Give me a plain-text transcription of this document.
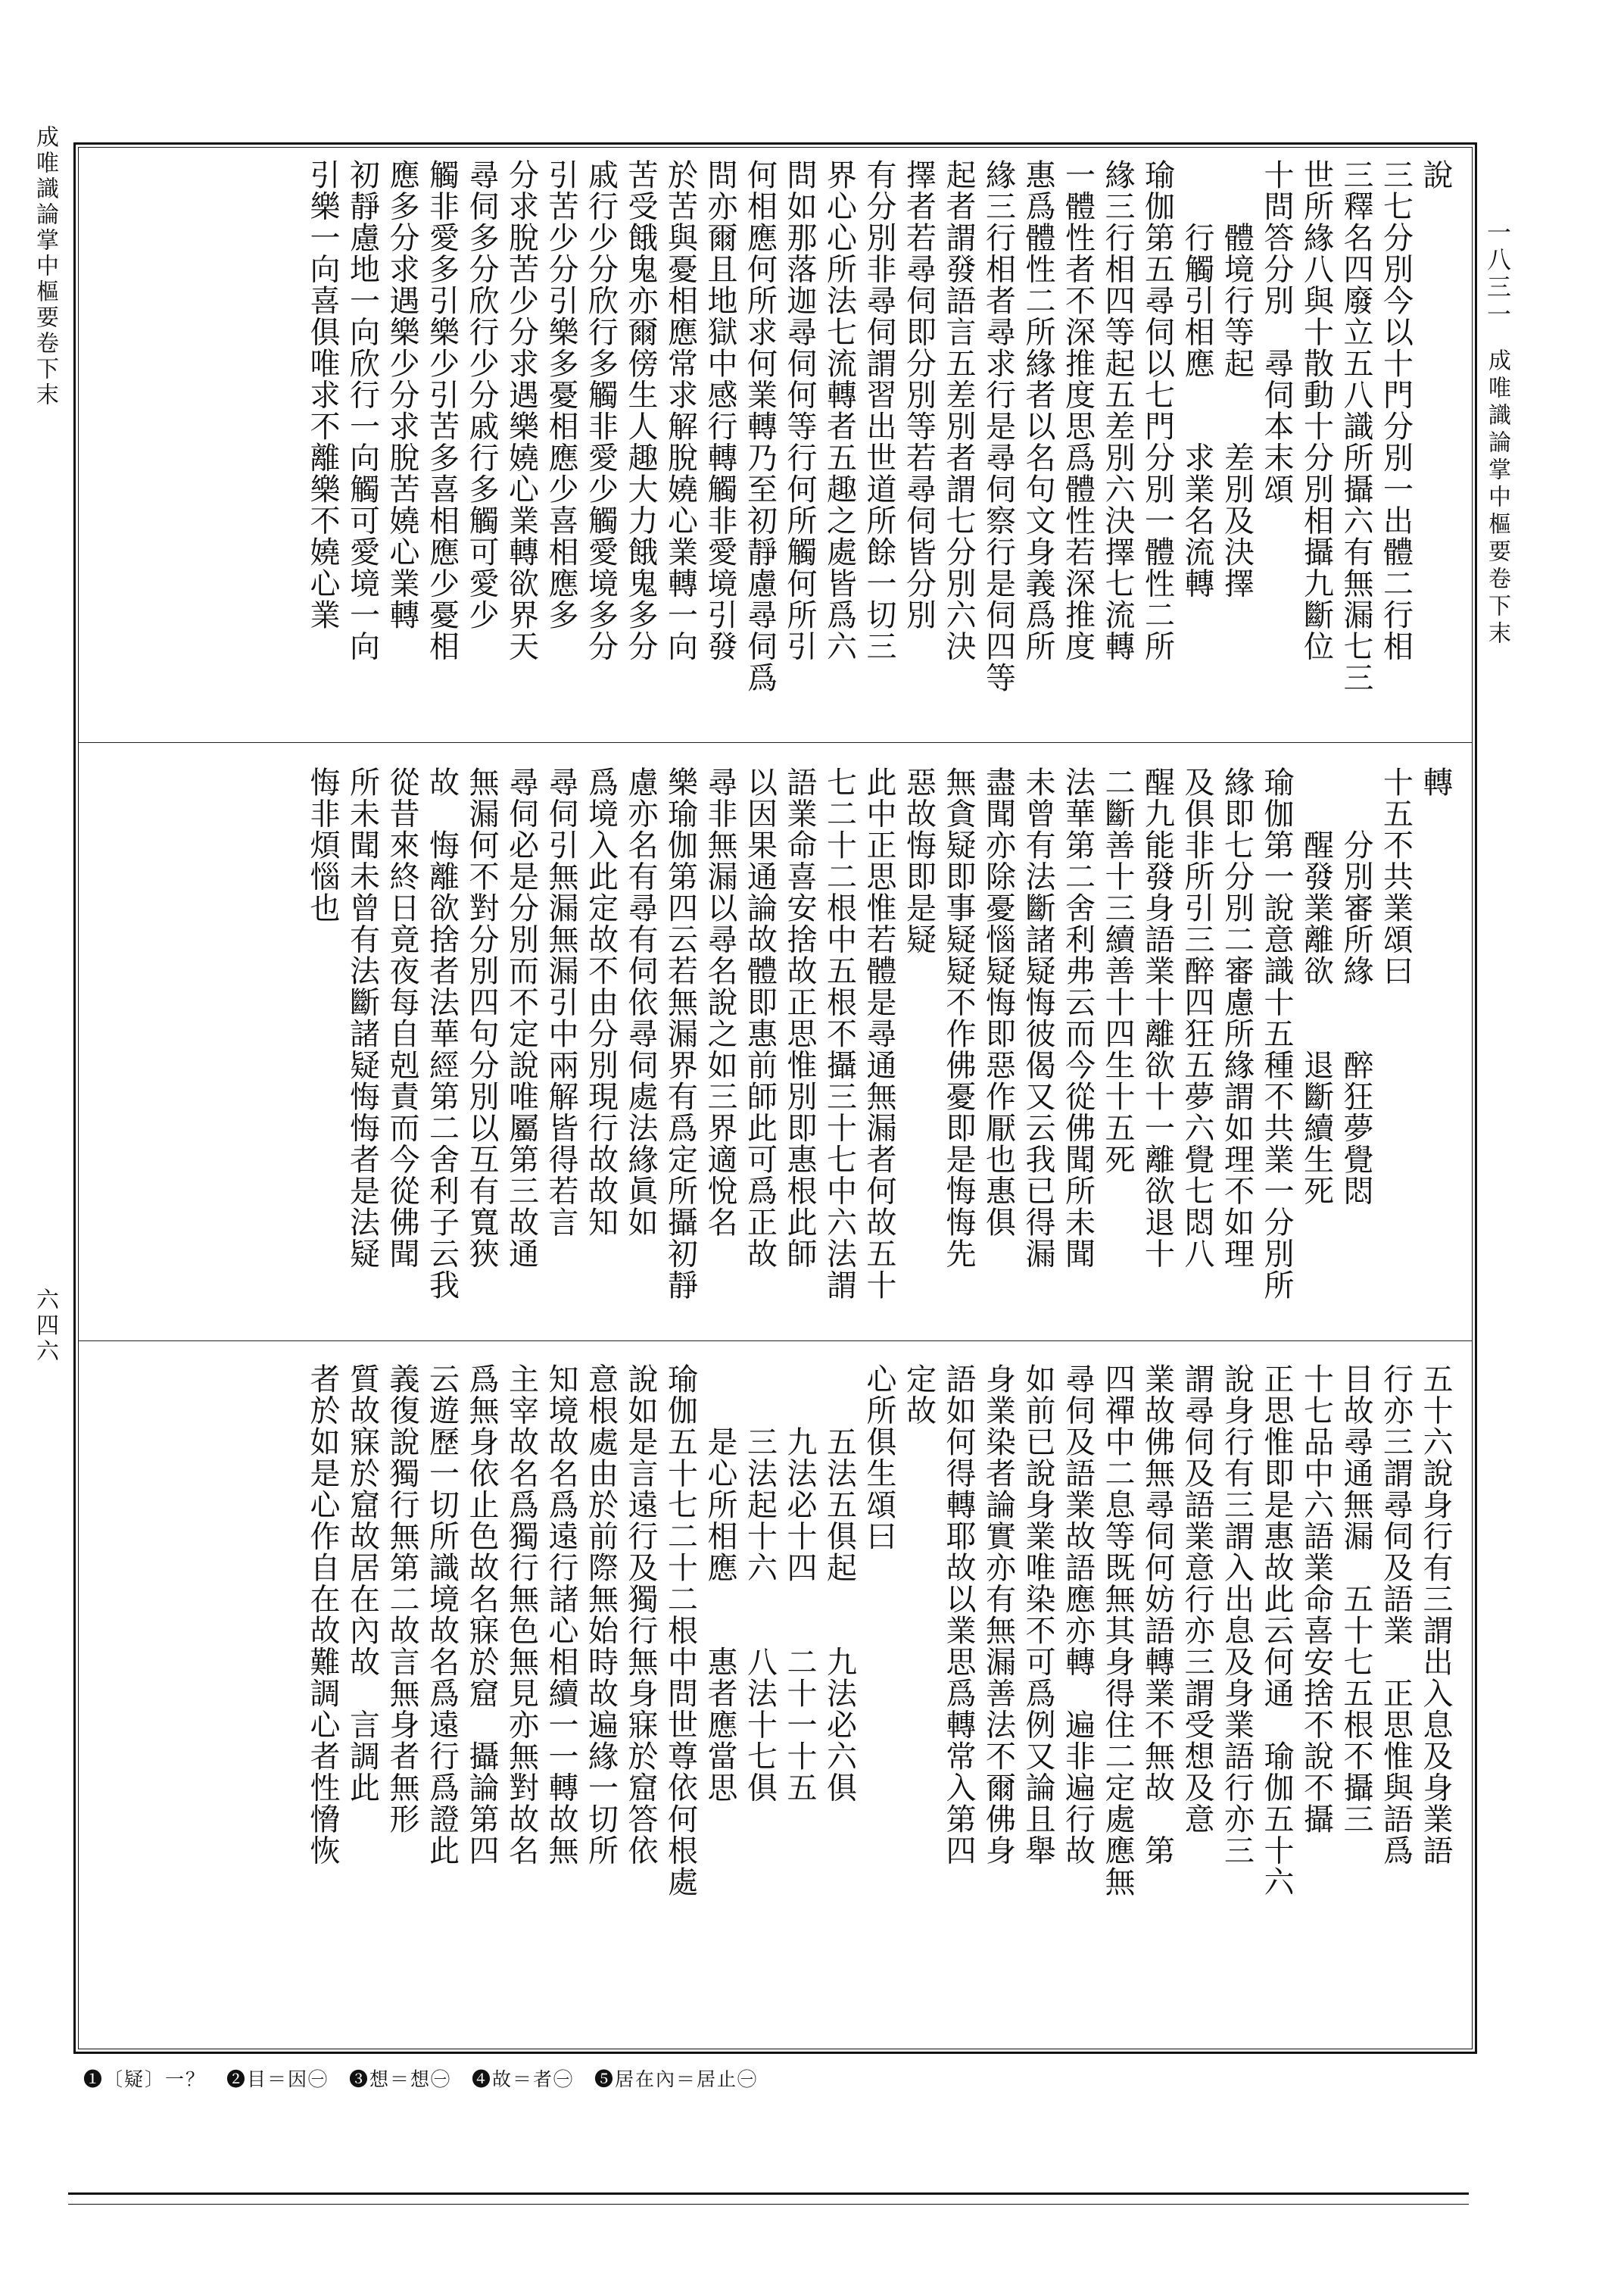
成唯識論掌中樞要卷下末
六四六
一八三一
成唯識論掌中樞要卷下末
說
三七分別今以十門分別一出體二行相
三釋名四廢立五八識所攝六有無漏七三
世所緣八與十散動十分別相攝九斷位
十問答分別　尋伺本末頌
　　體境行等起　　差別及決擇
　　行觸引相應　　求業名流轉
瑜伽第五尋伺以七門分別一體性二所
緣三行相四等起五差別六決擇七流轉
一體性者不深推度思爲體性若深推度
惠爲體性二所緣者以名句文身義爲所
緣三行相者尋求行是尋伺察行是伺四等
起者謂發語言五差別者謂七分別六決
擇者若尋伺即分別等若尋伺皆分別
有分別非尋伺謂習出世道所餘一切三
界心心所法七流轉者五趣之處皆爲六
問如那落迦尋伺何等行何所觸何所引
何相應何所求何業轉乃至初靜慮尋伺爲
問亦爾且地獄中感行轉觸非愛境引發
於苦與憂相應常求解脫嬈心業轉一向
苦受餓鬼亦爾傍生人趣大力餓鬼多分
戚行少分欣行多觸非愛少觸愛境多分
引苦少分引樂多憂相應少喜相應多
分求脫苦少分求遇樂嬈心業轉欲界天
尋伺多分欣行少分戚行多觸可愛少
觸非愛多引樂少引苦多喜相應少憂相
應多分求遇樂少分求脫苦嬈心業轉
初靜慮地一向欣行一向觸可愛境一向
引樂一向喜俱唯求不離樂不嬈心業
轉
十五不共業頌曰
　　分別審所緣　　醉狂夢覺悶
　　醒發業離欲　　退斷續生死
瑜伽第一說意識十五種不共業一分別所
緣即七分別二審慮所緣謂如理不如理
及俱非所引三醉四狂五夢六覺七悶八
醒九能發身語業十離欲十一離欲退十
二斷善十三續善十四生十五死
法華第二舍利弗云而今從佛聞所未聞
未曾有法斷諸疑悔彼偈又云我已得漏
盡聞亦除憂惱疑悔即惡作厭也惠俱
無貪疑即事疑疑不作佛憂即是悔悔先
惡故悔即是疑
此中正思惟若體是尋通無漏者何故五十
七二十二根中五根不攝三十七中六法謂
語業命喜安捨故正思惟別即惠根此師
以因果通論故體即惠前師此可爲正故
尋非無漏以尋名說之如三界適悅名
樂瑜伽第四云若無漏界有爲定所攝初靜
慮亦名有尋有伺依尋伺處法緣眞如
爲境入此定故不由分別現行故故知
尋伺引無漏無漏引中兩解皆得若言
尋伺必是分別而不定說唯屬第三故通
無漏何不對分別四句分別以互有寬狹
故　悔離欲捨者法華經第二舍利子云我
從昔來終日竟夜每自剋責而今從佛聞
所未聞未曾有法斷諸疑悔悔者是法疑
悔非煩惱也
五十六說身行有三謂出入息及身業語
行亦三謂尋伺及語業　正思惟與語爲
目故尋通無漏　五十七五根不攝三
十七品中六語業命喜安捨不說不攝
正思惟即是惠故此云何通　瑜伽五十六
說身行有三謂入出息及身業語行亦三
謂尋伺及語業意行亦三謂受想及意
業故佛無尋伺何妨語轉業不無故　第
四禪中二息等既無其身得住二定處應無
尋伺及語業故語應亦轉　遍非遍行故
如前已說身業唯染不可爲例又論且舉
身業染者論實亦有無漏善法不爾佛身
語如何得轉耶故以業思爲轉常入第四
定故
心所俱生頌曰
　　五法五俱起　　九法必六俱
　　九法必十四　　二十一十五
　　三法起十六　　八法十七俱
　　是心所相應　　惠者應當思
瑜伽五十七二十二根中問世尊依何根處
說如是言遠行及獨行無身寐於窟答依
意根處由於前際無始時故遍緣一切所
知境故名爲遠行諸心相續一一轉故無
主宰故名爲獨行無色無見亦無對故名
爲無身依止色故名寐於窟　攝論第四
云遊歷一切所識境故名爲遠行爲證此
義復說獨行無第二故言無身者無形
質故寐於窟故居在內故　言調此
者於如是心作自在故難調心者性愶恢
❶〔疑〕一？　❷目＝因㊀　❸想＝想㊀　❹故＝者㊀　❺居在內＝居止㊀
